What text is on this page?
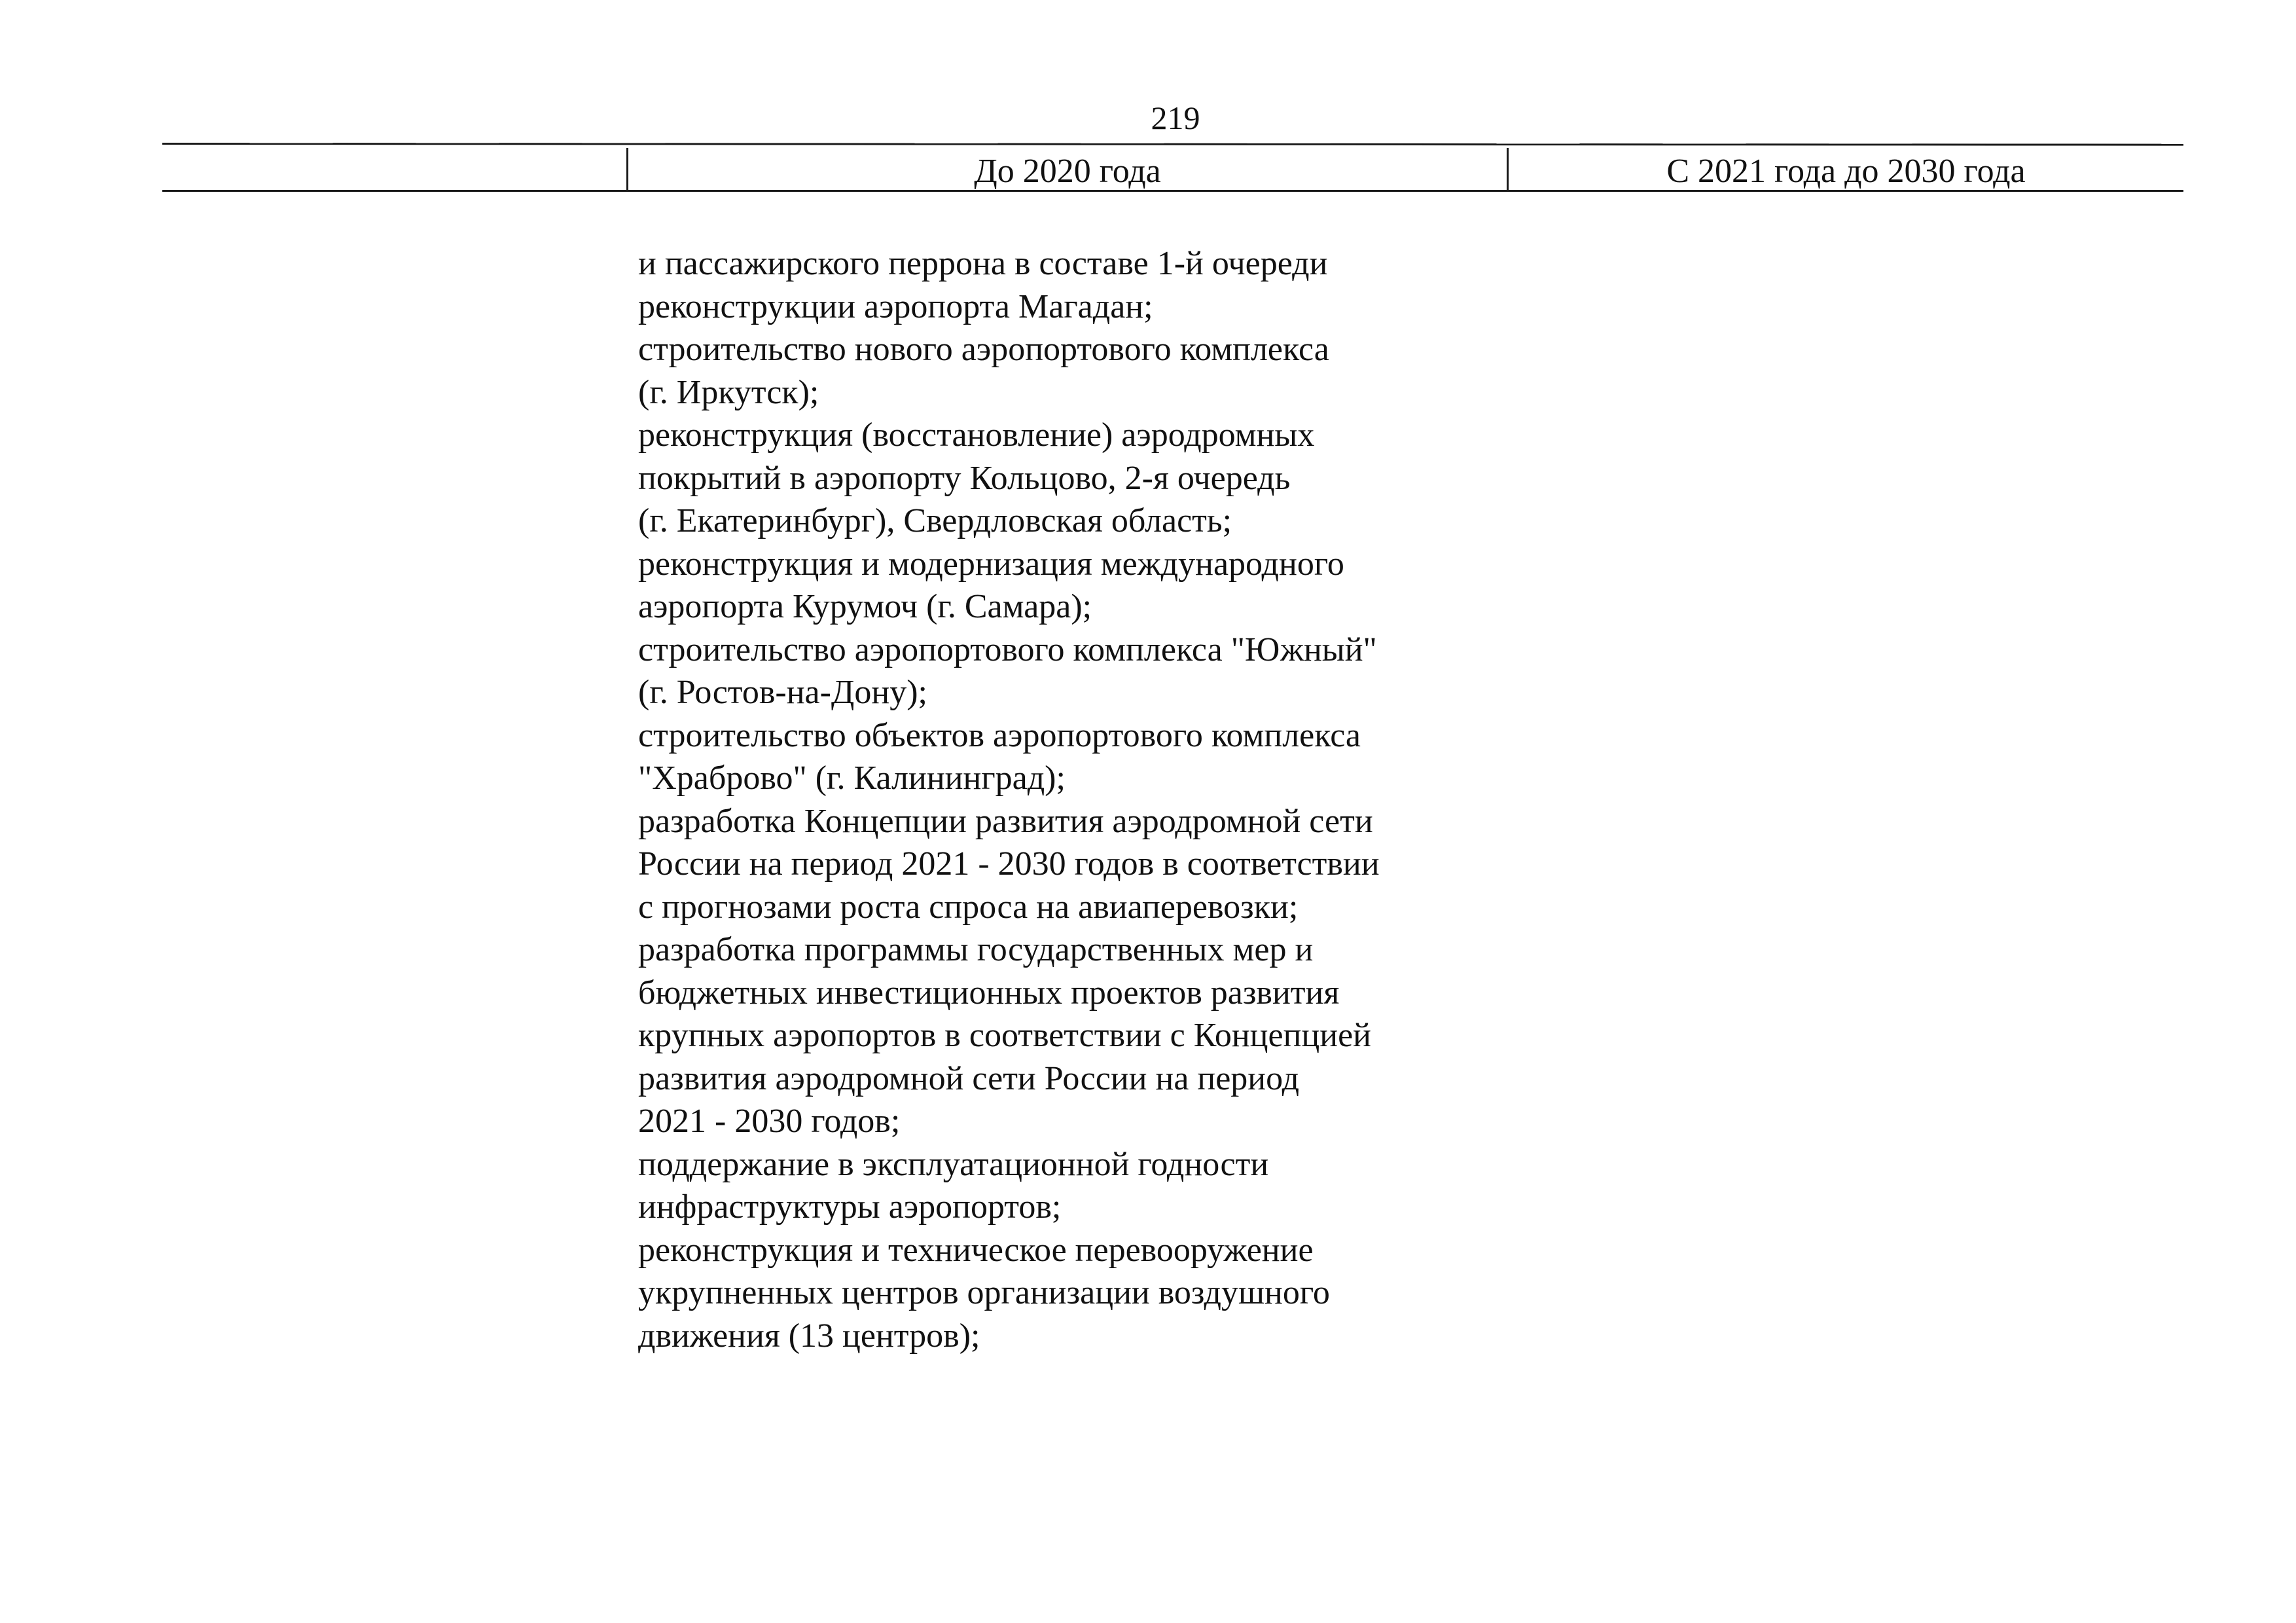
219
До 2020 года	С 2021 года до 2030 года
и пассажирского перрона в составе 1-й очереди
реконструкции аэропорта Магадан;
строительство нового аэропортового комплекса
(г. Иркутск);
реконструкция (восстановление) аэродромных
покрытий в аэропорту Кольцово, 2-я очередь
(г. Екатеринбург), Свердловская область;
реконструкция и модернизация международного
аэропорта Курумоч (г. Самара);
строительство аэропортового комплекса "Южный"
(г. Ростов-на-Дону);
строительство объектов аэропортового комплекса
"Храброво" (г. Калининград);
разработка Концепции развития аэродромной сети
России на период 2021 - 2030 годов в соответствии
с прогнозами роста спроса на авиаперевозки;
разработка программы государственных мер и
бюджетных инвестиционных проектов развития
крупных аэропортов в соответствии с Концепцией
развития аэродромной сети России на период
2021 - 2030 годов;
поддержание в эксплуатационной годности
инфраструктуры аэропортов;
реконструкция и техническое перевооружение
укрупненных центров организации воздушного
движения (13 центров);
